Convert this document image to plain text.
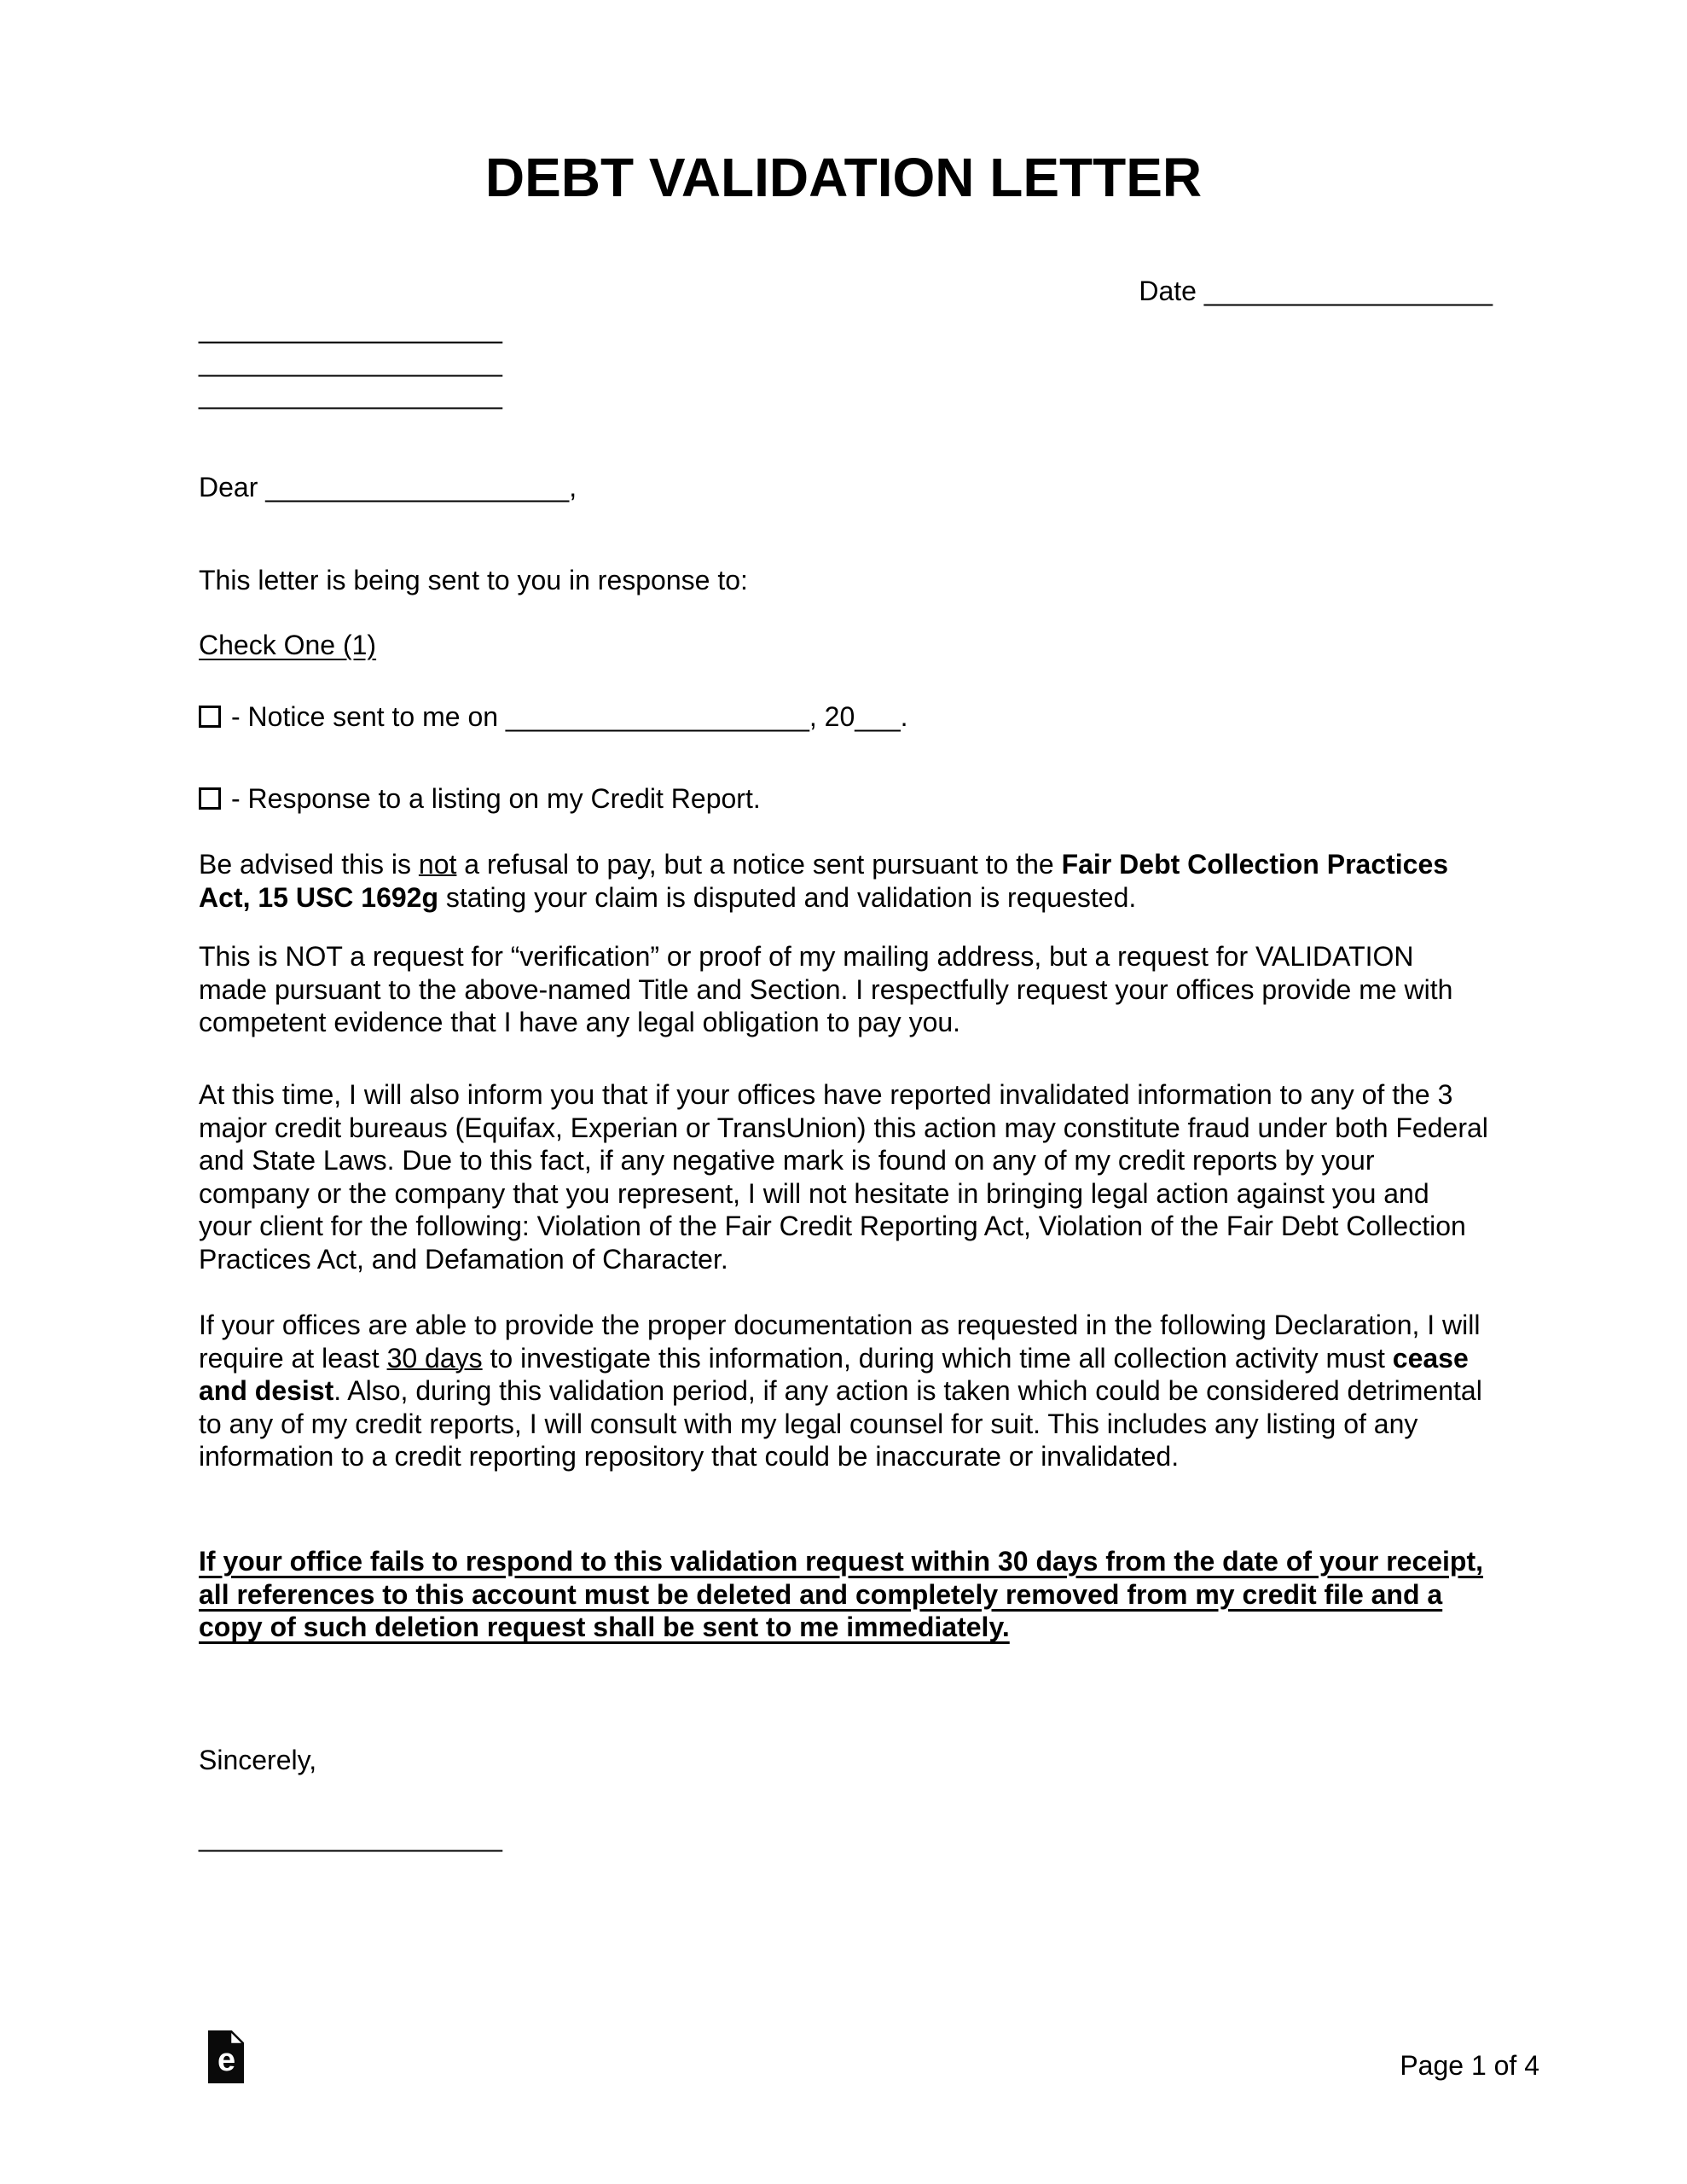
DEBT VALIDATION LETTER
Date ___________________
____________________
____________________
____________________
Dear ____________________,

This letter is being sent to you in response to:

Check One (1)
- Notice sent to me on ____________________, 20___.
- Response to a listing on my Credit Report.

Be advised this is not a refusal to pay, but a notice sent pursuant to the Fair Debt Collection Practices Act, 15 USC 1692g stating your claim is disputed and validation is requested.

This is NOT a request for “verification” or proof of my mailing address, but a request for VALIDATION made pursuant to the above-named Title and Section. I respectfully request your offices provide me with competent evidence that I have any legal obligation to pay you.

At this time, I will also inform you that if your offices have reported invalidated information to any of the 3 major credit bureaus (Equifax, Experian or TransUnion) this action may constitute fraud under both Federal and State Laws. Due to this fact, if any negative mark is found on any of my credit reports by your company or the company that you represent, I will not hesitate in bringing legal action against you and your client for the following: Violation of the Fair Credit Reporting Act, Violation of the Fair Debt Collection Practices Act, and Defamation of Character.

If your offices are able to provide the proper documentation as requested in the following Declaration, I will require at least 30 days to investigate this information, during which time all collection activity must cease and desist. Also, during this validation period, if any action is taken which could be considered detrimental to any of my credit reports, I will consult with my legal counsel for suit. This includes any listing of any information to a credit reporting repository that could be inaccurate or invalidated.

If your office fails to respond to this validation request within 30 days from the date of your receipt, all references to this account must be deleted and completely removed from my credit file and a copy of such deletion request shall be sent to me immediately.

Sincerely,
____________________
e	Page 1 of 4
